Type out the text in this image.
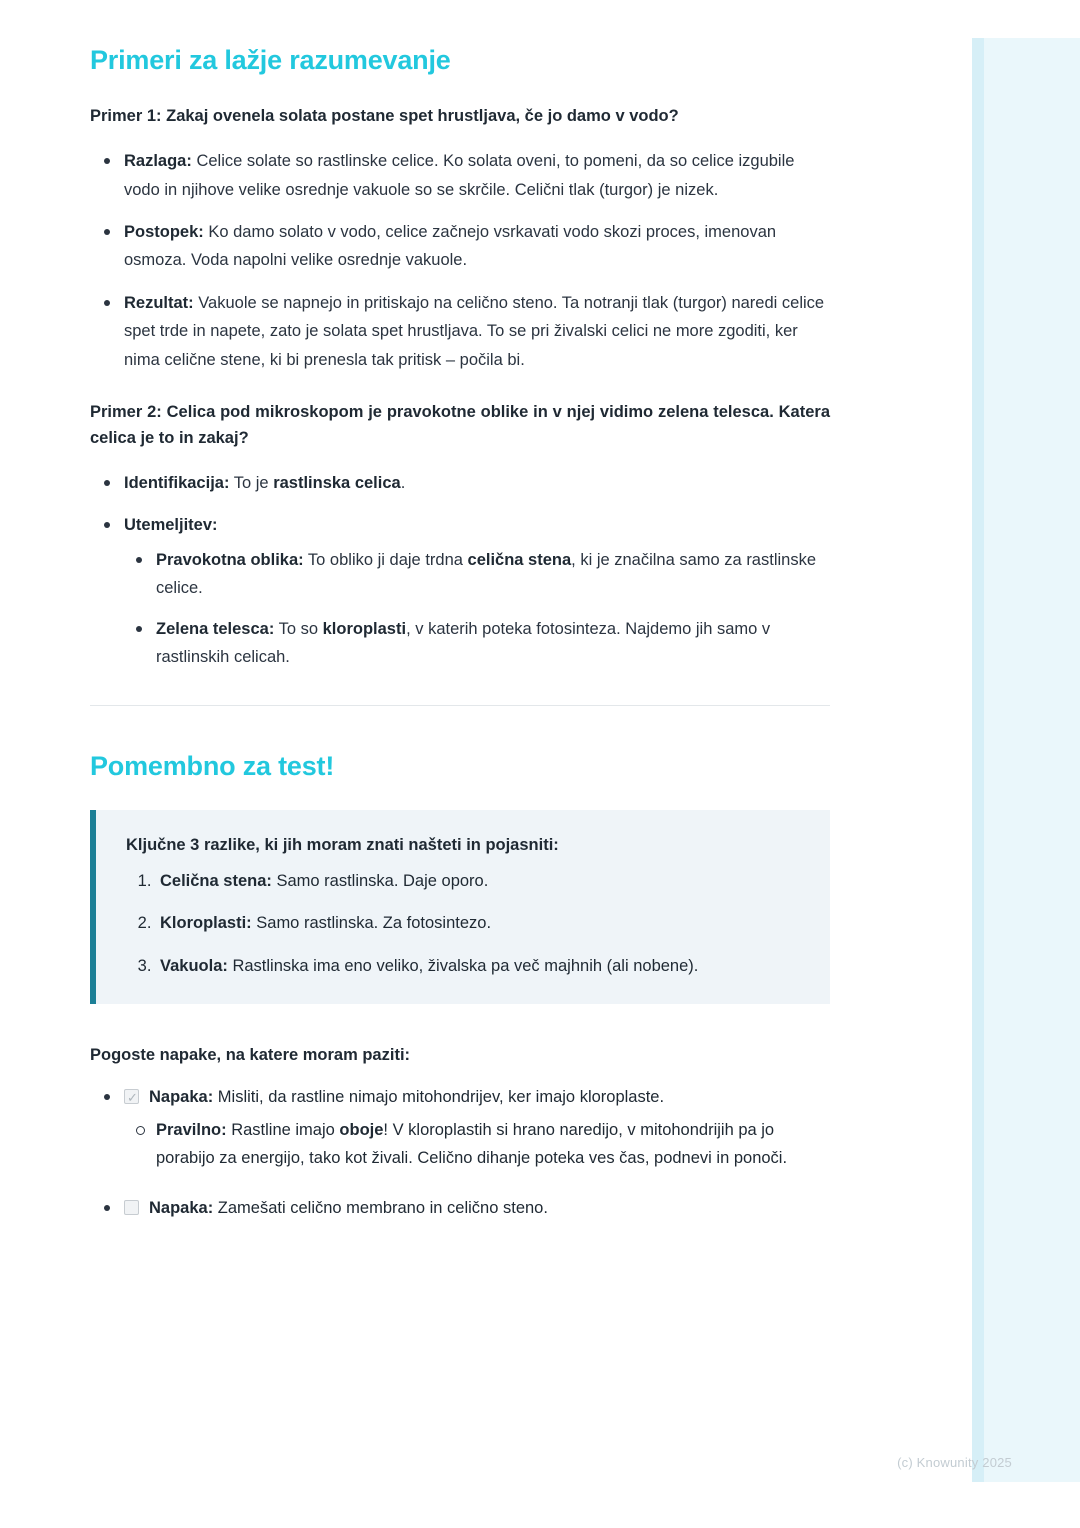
Primeri za lažje razumevanje

Primer 1: Zakaj ovenela solata postane spet hrustljava, če jo damo v vodo?

Razlaga: Celice solate so rastlinske celice. Ko solata oveni, to pomeni, da so celice izgubile vodo in njihove velike osrednje vakuole so se skrčile. Celični tlak (turgor) je nizek.
Postopek: Ko damo solato v vodo, celice začnejo vsrkavati vodo skozi proces, imenovan osmoza. Voda napolni velike osrednje vakuole.
Rezultat: Vakuole se napnejo in pritiskajo na celično steno. Ta notranji tlak (turgor) naredi celice spet trde in napete, zato je solata spet hrustljava. To se pri živalski celici ne more zgoditi, ker nima celične stene, ki bi prenesla tak pritisk – počila bi.

Primer 2: Celica pod mikroskopom je pravokotne oblike in v njej vidimo zelena telesca. Katera celica je to in zakaj?

Identifikacija: To je rastlinska celica.
Utemeljitev:
Pravokotna oblika: To obliko ji daje trdna celična stena, ki je značilna samo za rastlinske celice.
Zelena telesca: To so kloroplasti, v katerih poteka fotosinteza. Najdemo jih samo v rastlinskih celicah.
Pomembno za test!

Ključne 3 razlike, ki jih moram znati našteti in pojasniti:

1. Celična stena: Samo rastlinska. Daje oporo.
2. Kloroplasti: Samo rastlinska. Za fotosintezo.
3. Vakuola: Rastlinska ima eno veliko, živalska pa več majhnih (ali nobene).

Pogoste napake, na katere moram paziti:

✓Napaka: Misliti, da rastline nimajo mitohondrijev, ker imajo kloroplaste.
Pravilno: Rastline imajo oboje! V kloroplastih si hrano naredijo, v mitohondrijih pa jo porabijo za energijo, tako kot živali. Celično dihanje poteka ves čas, podnevi in ponoči.
Napaka: Zamešati celično membrano in celično steno.
(c) Knowunity 2025
